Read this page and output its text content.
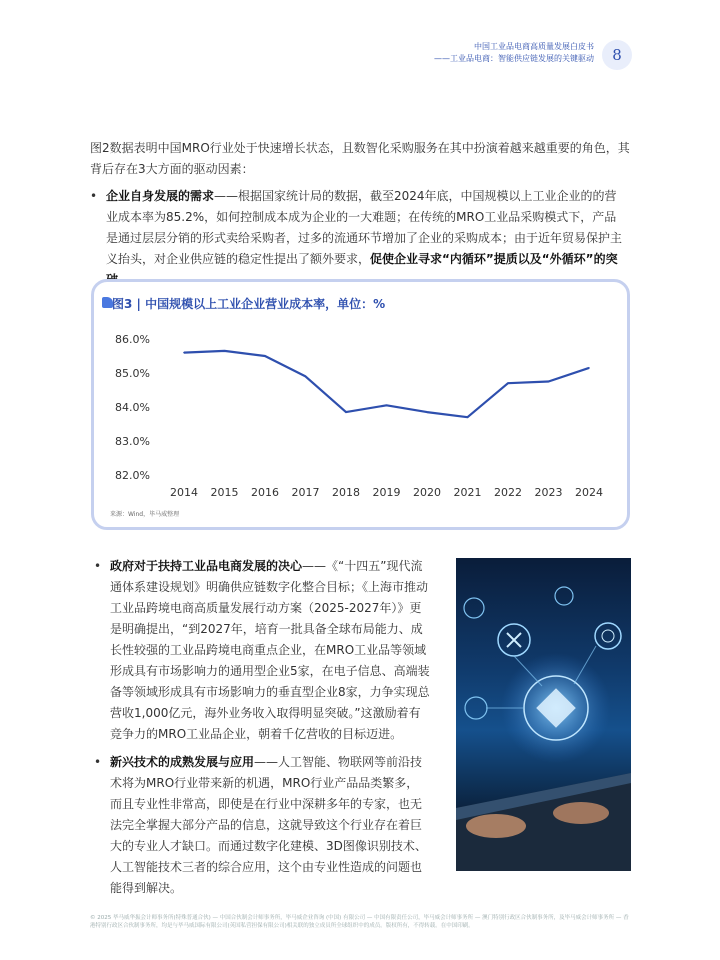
中国工业品电商高质量发展白皮书
——工业品电商：智能供应链发展的关键驱动	8
图2数据表明中国MRO行业处于快速增长状态，且数智化采购服务在其中扮演着越来越重要的角色，其背后存在3大方面的驱动因素：
• 企业自身发展的需求——根据国家统计局的数据，截至2024年底，中国规模以上工业企业的的营业成本率为85.2%，如何控制成本成为企业的一大难题；在传统的MRO工业品采购模式下，产品是通过层层分销的形式卖给采购者，过多的流通环节增加了企业的采购成本；由于近年贸易保护主义抬头，对企业供应链的稳定性提出了额外要求，促使企业寻求“内循环”提质以及“外循环”的突
82.0%
83.0%
84.0%
85.0%
86.0%
2014 2015 2016 2017 2018 2019 2020 2021 2022 2023 2024
图3 | 中国规模以上工业企业营业成本率，单位：%
来源：Wind，毕马威整理
• 政府对于扶持工业品电商发展的决心——《“十四五”现代流通体系建设规划》明确供应链数字化整合目标；《上海市推动工业品跨境电商高质量发展行动方案（2025-2027年）》更是明确提出，“到2027年，培育一批具备全球布局能力、成长性较强的工业品跨境电商重点企业，在MRO工业品等领域形成具有市场影响力的通用型企业5家，在电子信息、高端装备等领域形成具有市场影响力的垂直型企业8家，力争实现总营收1,000亿元，海外业务收入取得明显突破。”这激励着有竞争力的MRO工业品企业，朝着千亿营收的目标迈进。
• 新兴技术的成熟发展与应用——人工智能、物联网等前沿技术将为MRO行业带来新的机遇，MRO行业产品品类繁多，而且专业性非常高，即使是在行业中深耕多年的专家，也无法完全掌握大部分产品的信息，这就导致这个行业存在着巨大的专业人才缺口。而通过数字化建模、3D图像识别技术、人工智能技术三者的综合应用，这个由专业性造成的问题也能得到解决。
© 2025 毕马威华振会计师事务所(特殊普通合伙) — 中国合伙制会计师事务所，毕马威企业咨询 (中国) 有限公司 — 中国有限责任公司，毕马威会计师事务所 — 澳门特别行政区合伙制事务所，及毕马威会计师事务所 — 香港特别行政区合伙制事务所，均是与毕马威国际有限公司(英国私营担保有限公司)相关联的独立成员所全球组织中的成员。版权所有，不得转载。在中国印刷。
